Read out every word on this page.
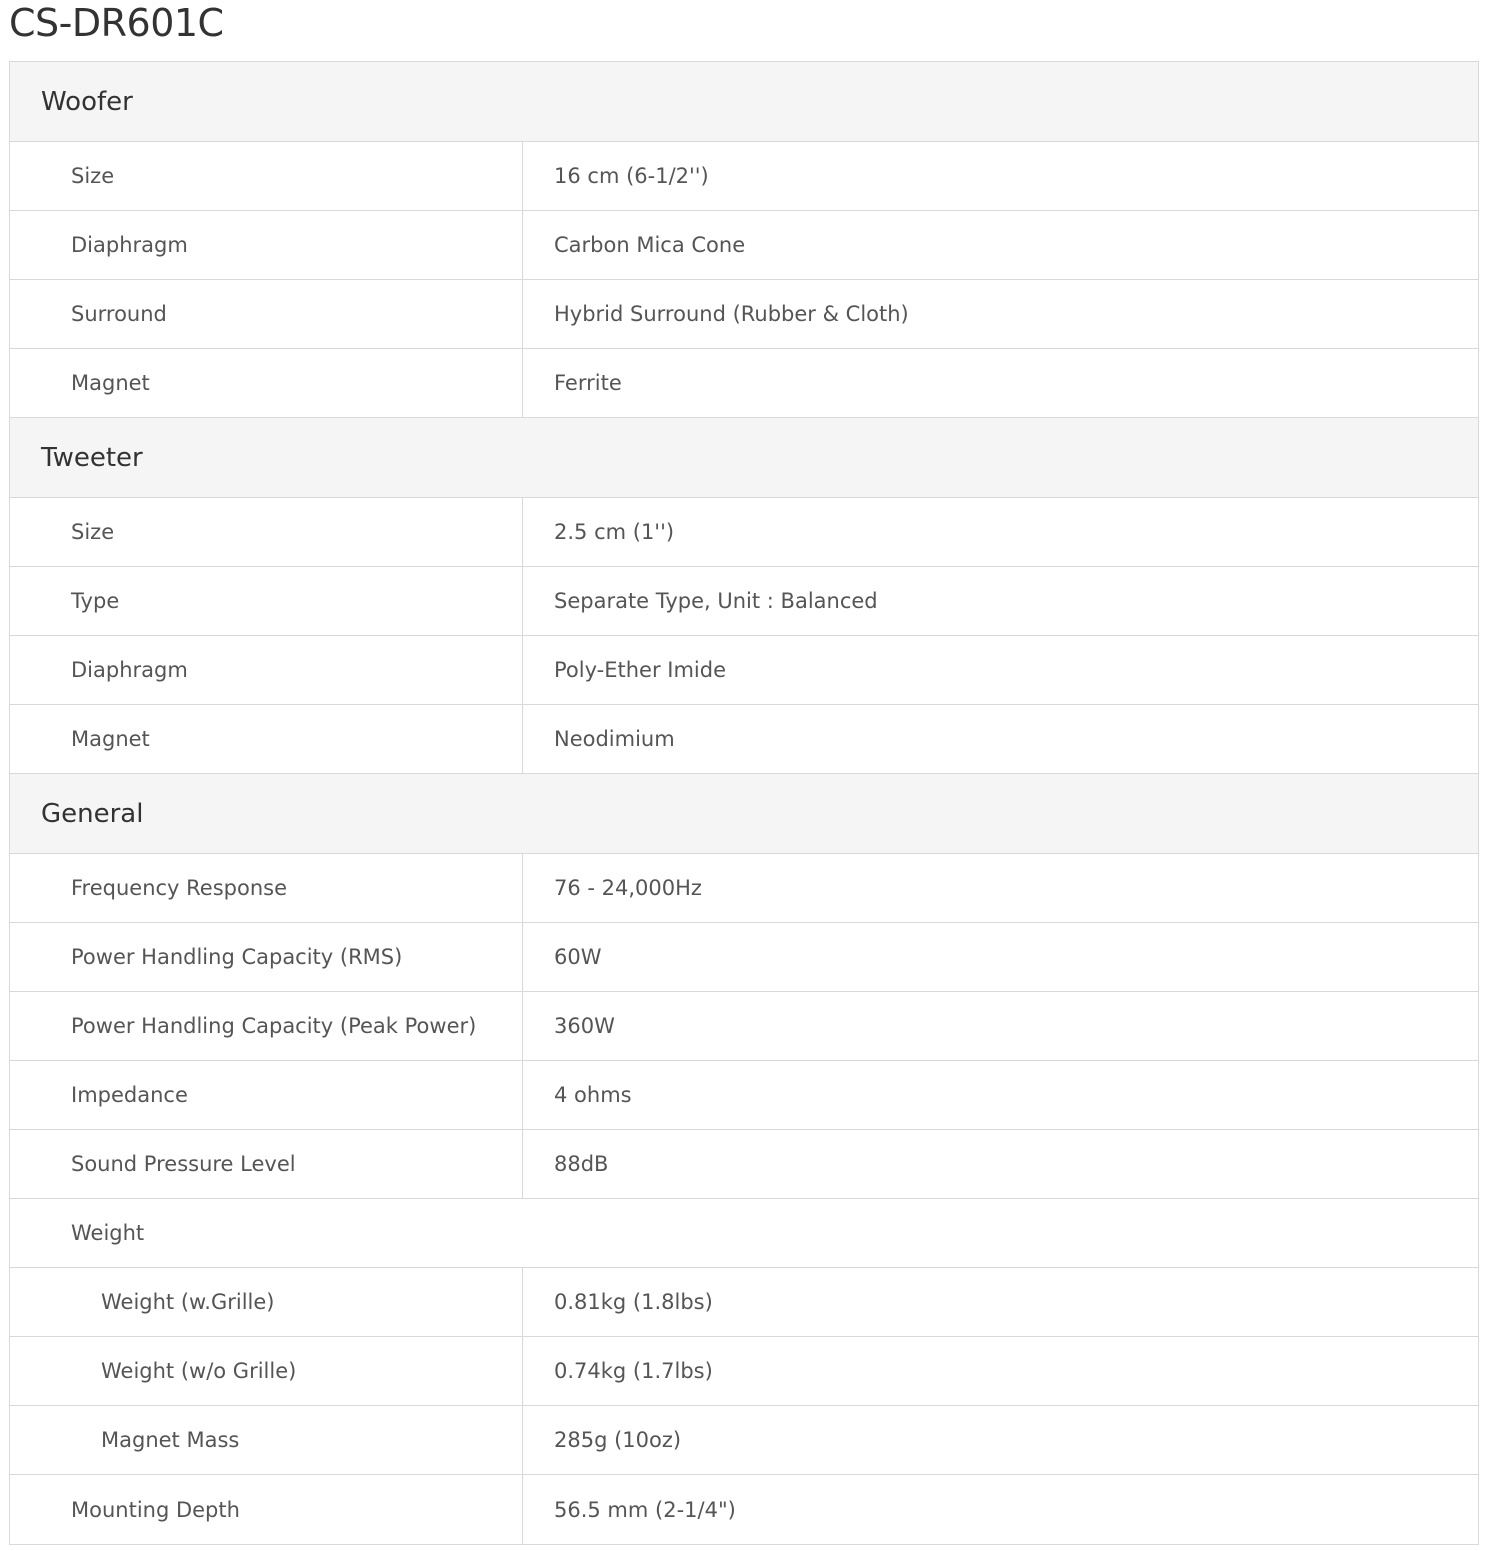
CS-DR601C
Woofer
Size	16 cm (6-1/2'')
Diaphragm	Carbon Mica Cone
Surround	Hybrid Surround (Rubber & Cloth)
Magnet	Ferrite
Tweeter
Size	2.5 cm (1'')
Type	Separate Type, Unit : Balanced
Diaphragm	Poly-Ether Imide
Magnet	Neodimium
General
Frequency Response	76 - 24,000Hz
Power Handling Capacity (RMS)	60W
Power Handling Capacity (Peak Power)	360W
Impedance	4 ohms
Sound Pressure Level	88dB
Weight
Weight (w.Grille)	0.81kg (1.8lbs)
Weight (w/o Grille)	0.74kg (1.7lbs)
Magnet Mass	285g (10oz)
Mounting Depth	56.5 mm (2-1/4")
